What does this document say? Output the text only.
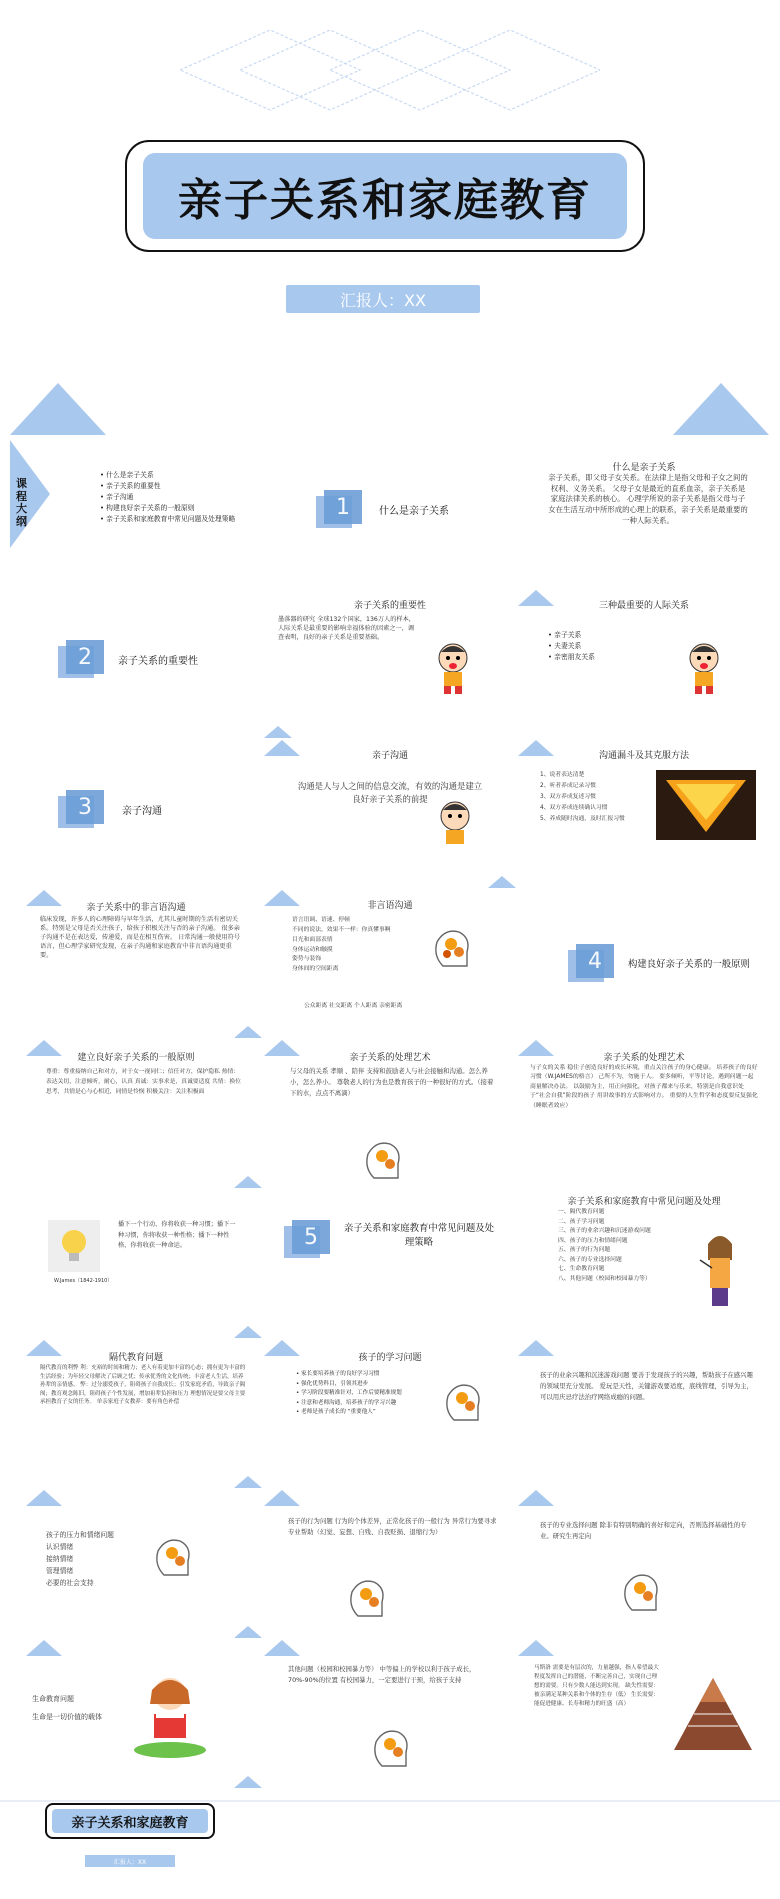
亲子关系和家庭教育
汇报人：XX
课程大纲
• 什么是亲子关系
• 亲子关系的重要性
• 亲子沟通
• 构建良好亲子关系的一般原则
• 亲子关系和家庭教育中常见问题及处理策略	1	什么是亲子关系
什么是亲子关系
亲子关系，即父母子女关系。在法律上是指父母和子女之间的权利、义务关系。 父母子女是最近的直系血亲，亲子关系是家庭法律关系的核心。 心理学所说的亲子关系是指父母与子女在生活互动中所形成的心理上的联系，亲子关系是最重要的一种人际关系。
2	亲子关系的重要性
亲子关系的重要性
墨落器的研究 全球132个国家，136万人的样本，人际关系是最重要的影响幸福体验的因素之一，调查表明，良好的亲子关系是重要基础。
三种最重要的人际关系
• 亲子关系
• 夫妻关系
• 亲密朋友关系
3	亲子沟通
亲子沟通
沟通是人与人之间的信息交流，有效的沟通是建立良好亲子关系的前提
沟通漏斗及其克服方法
1、说者表达清楚
2、听者养成记录习惯
3、双方养成复述习惯
4、双方养成连续确认习惯
5、养成随时沟通，及时汇报习惯
亲子关系中的非言语沟通
临床发现，许多人的心理障碍与早年生活，尤其儿童时期的生活有密切关系。特别是父母是否关注孩子，给孩子积极关注与否的亲子沟通。 很多亲子沟通不是在表达爱，传递爱，而是在相互伤害。 日常沟通一般使用符号语言，但心理学家研究发现，在亲子沟通和家庭教育中非言语沟通更重要。
非言语沟通
语言语调、语速、停顿
不同的说法，效果不一样：你真懂事啊
目光和面部表情
身体运动和触摸
姿势与装饰
身体间的空间距离
公众距离 社交距离 个人距离 亲密距离
4	构建良好亲子关系的一般原则
建立良好亲子关系的一般原则
尊重：尊重接纳自己和对方，对于女一视同仁；信任对方，保护隐私 热情：表达关切，注意倾听，耐心，认真 真诚：实事求是，真诚要适度 共情：换位思考，共情是心与心相近，同情是怜悯 积极关注：关注积极面
亲子关系的处理艺术
与父母的关系 孝顺 、陪伴 支持和鼓励老人与社会接触和沟通。怎么养小，怎么养小。 尊敬老人的行为也是教育孩子的一种很好的方式。（接着下的水，点点不离滴）
亲子关系的处理艺术
与子女的关系 稳住子创造良好的成长环境，重点关注孩子的身心健康。 培养孩子的良好习惯（W.JAMES的格言） 己所不为，勿施于人。 要多倾听，平等讨论，遇到问题一起商量解决办法。 以鼓励为主，用正向强化，对孩子都来与乐来，特别是自我意识处于“社会自我”阶段的孩子 用讲故事的方式影响对方。 重要的人生哲学和态度要反复强化（睡眠者效应）
播下一个行动，你将收获一种习惯；播下一种习惯，你将收获一种性格；播下一种性格，你将收获一种命运。
W.James（1842-1910）
5	亲子关系和家庭教育中常见问题及处理策略
亲子关系和家庭教育中常见问题及处理
一、隔代教育问题
二、孩子学习问题
三、孩子的业余兴趣和沉迷游戏问题
四、孩子的压力和情绪问题
五、孩子的行为问题
六、孩子的专业选择问题
七、生命教育问题
八、其他问题（校园和校园暴力等）
隔代教育问题
隔代教育的利弊 利：充裕的时间和精力；老人有着更加丰富的心态；拥有更为丰富的生活经验；为年轻父母解决了后顾之忧；传承优秀的文化传统；丰富老人生活，培养孙辈的亲情感。 弊：过分溺爱孩子，阻碍孩子自我成长；引发家庭矛盾，导致亲子隔阂；教育观念陈旧，阻碍孩子个性发展，增加祖辈负担和压力 理想情况是要父母主要承担教育子女的任务。 单亲家庭子女教养：要有角色补偿
孩子的学习问题
• 家长要培养孩子的良好学习习惯
• 强化优势科目，引领其进步
• 学习阶段要精准针对，工作后要精准规划
• 注意和老师沟通，培养孩子的学习兴趣
• 老师是孩子成长的 “重要他人”
孩子的业余兴趣和沉迷游戏问题 要善于发现孩子的兴趣，帮助孩子在感兴趣的领域里充分发展。 爱玩是天性，关键游戏要适度，底线管理，引导为主，可以用庆忌疗法治疗网络成瘾的问题。
孩子的压力和情绪问题
认识情绪
接纳情绪
管理情绪
必要的社会支持
孩子的行为问题 行为的个体差异，正常化孩子的一般行为 异常行为要寻求专业帮助（幻觉、妄想、自残、自我贬损、退缩行为）
孩子的专业选择问题 除非有特别明确的喜好和定向，否则选择基础性的专业。研究生再定向
生命教育问题
生命是一切价值的载体
其他问题（校园和校园暴力等） 中等偏上的学校以利于孩子成长，70%-90%的位置 有校园暴力，一定要进行干预，给孩子支持
马斯洛 需要是有层次的，力量越强，指人希望最大程度发挥自己的潜能，不断完善自己，实现自己理想的需要。只有少数人能达到实现。 缺失性需要：被亲满足某种关系和个体的生存（低） 生长需要：能促进健康、长寿和精力的旺盛（高）
亲子关系和家庭教育
汇报人：XX
